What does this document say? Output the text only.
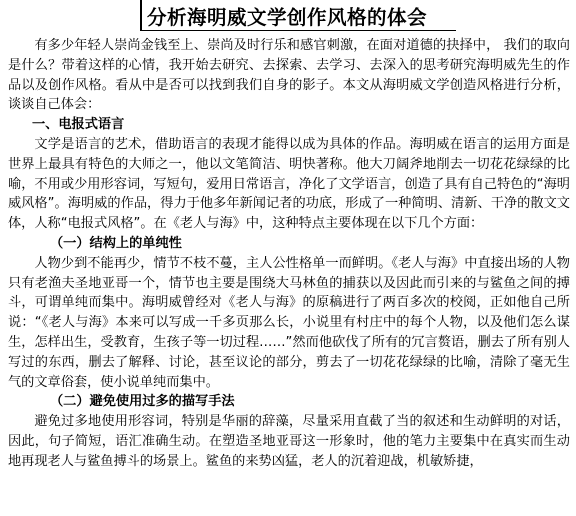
分析海明威文学创作风格的体会

有多少年轻人崇尚金钱至上、崇尚及时行乐和感官刺激，在面对道德的抉择中， 我们的取向是什么？带着这样的心情，我开始去研究、去探索、去学习、去深入的思考研究海明威先生的作品以及创作风格。看从中是否可以找到我们自身的影子。本文从海明威文学创造风格进行分析，谈谈自己体会：

一、电报式语言

文学是语言的艺术，借助语言的表现才能得以成为具体的作品。海明威在语言的运用方面是世界上最具有特色的大师之一，他以文笔简洁、明快著称。他大刀阔斧地削去一切花花绿绿的比喻，不用或少用形容词，写短句，爱用日常语言，净化了文学语言，创造了具有自己特色的“海明威风格”。海明威的作品，得力于他多年新闻记者的功底，形成了一种简明、清新、干净的散文文体，人称“电报式风格”。在《老人与海》中，这种特点主要体现在以下几个方面：

（一）结构上的单纯性

人物少到不能再少，情节不枝不蔓，主人公性格单一而鲜明。《老人与海》中直接出场的人物只有老渔夫圣地亚哥一个，情节也主要是围绕大马林鱼的捕获以及因此而引来的与鲨鱼之间的搏斗，可谓单纯而集中。海明威曾经对《老人与海》的原稿进行了两百多次的校阅，正如他自己所说：“《老人与海》本来可以写成一千多页那么长，小说里有村庄中的每个人物，以及他们怎么谋生，怎样出生，受教育，生孩子等一切过程……”然而他砍伐了所有的冗言赘语，删去了所有别人写过的东西，删去了解释、讨论，甚至议论的部分，剪去了一切花花绿绿的比喻，清除了毫无生气的文章俗套，使小说单纯而集中。

（二）避免使用过多的描写手法

避免过多地使用形容词，特别是华丽的辞藻，尽量采用直截了当的叙述和生动鲜明的对话，因此，句子简短，语汇准确生动。在塑造圣地亚哥这一形象时，他的笔力主要集中在真实而生动地再现老人与鲨鱼搏斗的场景上。鲨鱼的来势凶猛，老人的沉着迎战，机敏矫捷，
